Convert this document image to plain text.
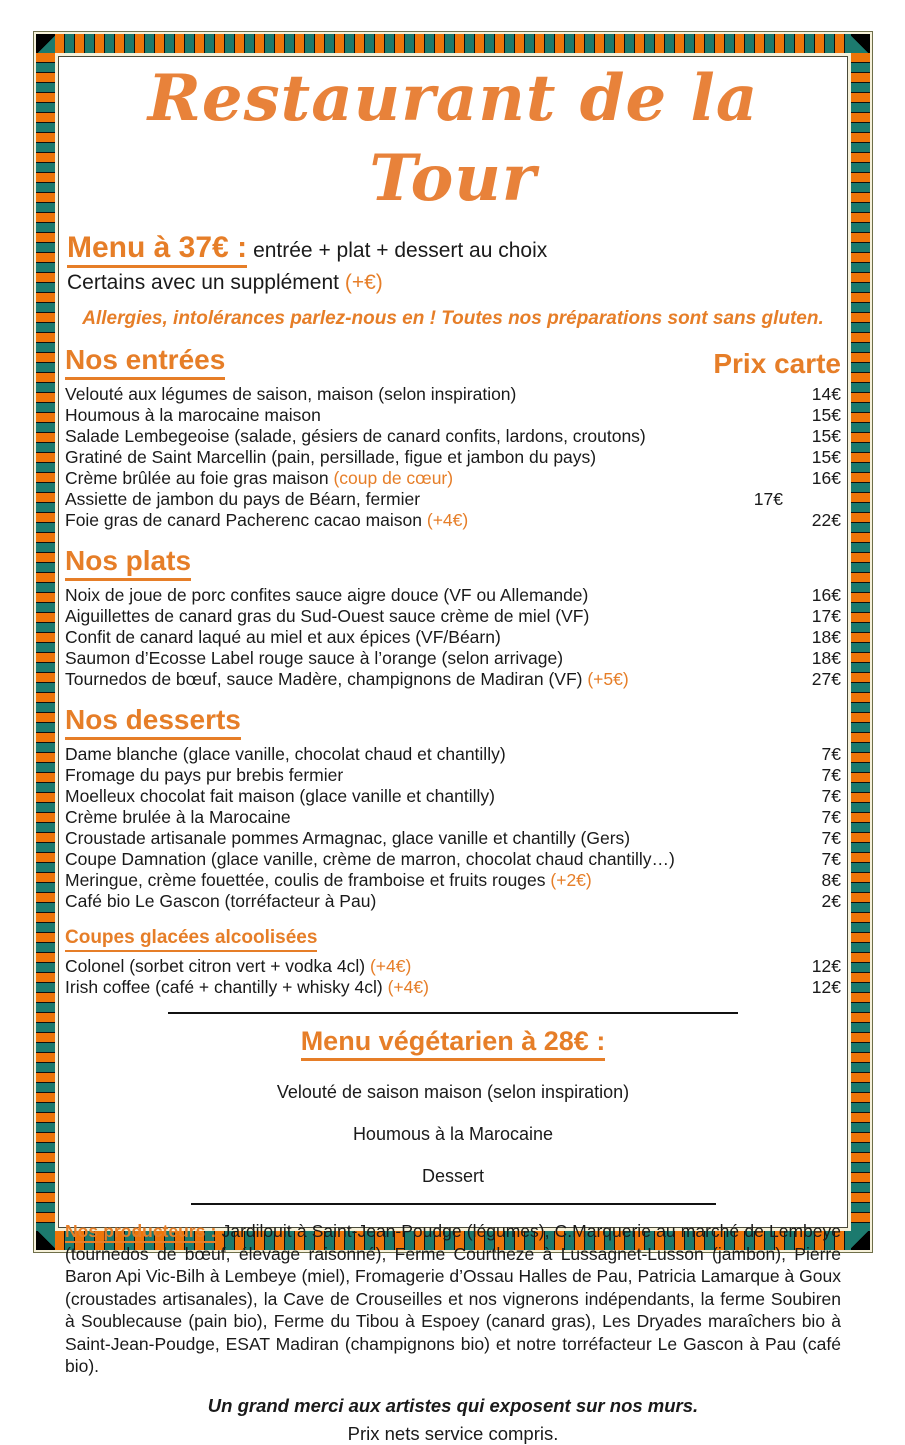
Restaurant de la Tour
Menu à 37€ : entrée + plat + dessert au choix
Certains avec un supplément (+€)
Allergies, intolérances parlez-nous en ! Toutes nos préparations sont sans gluten.
Nos entrées	Prix carte
Velouté aux légumes de saison, maison (selon inspiration)	14€
Houmous à la marocaine maison	15€
Salade Lembegeoise (salade, gésiers de canard confits, lardons, croutons)	15€
Gratiné de Saint Marcellin (pain, persillade, figue et jambon du pays)	15€
Crème brûlée au foie gras maison (coup de cœur)	16€
Assiette de jambon du pays de Béarn, fermier	17€
Foie gras de canard Pacherenc cacao maison (+4€)	22€
Nos plats
Noix de joue de porc confites sauce aigre douce (VF ou Allemande)	16€
Aiguillettes de canard gras du Sud-Ouest sauce crème de miel (VF)	17€
Confit de canard laqué au miel et aux épices (VF/Béarn)	18€
Saumon d’Ecosse Label rouge sauce à l’orange (selon arrivage)	18€
Tournedos de bœuf, sauce Madère, champignons de Madiran (VF) (+5€)	27€
Nos desserts
Dame blanche (glace vanille, chocolat chaud et chantilly)	7€
Fromage du pays pur brebis fermier	7€
Moelleux chocolat fait maison (glace vanille et chantilly)	7€
Crème brulée à la Marocaine	7€
Croustade artisanale pommes Armagnac, glace vanille et chantilly (Gers)	7€
Coupe Damnation (glace vanille, crème de marron, chocolat chaud chantilly…)	7€
Meringue, crème fouettée, coulis de framboise et fruits rouges (+2€)	8€
Café bio Le Gascon (torréfacteur à Pau)	2€
Coupes glacées alcoolisées
Colonel (sorbet citron vert + vodka 4cl) (+4€)	12€
Irish coffee (café + chantilly + whisky 4cl) (+4€)	12€
Menu végétarien à 28€ :
Velouté de saison maison (selon inspiration)
Houmous à la Marocaine
Dessert

Nos producteurs : Jardilouit à Saint-Jean-Poudge (légumes), C.Marquerie au marché de Lembeye (tournedos de bœuf, élevage raisonné), Ferme Courtheze à Lussagnet-Lusson (jambon), Pierre Baron Api Vic-Bilh à Lembeye (miel), Fromagerie d’Ossau Halles de Pau, Patricia Lamarque à Goux (croustades artisanales), la Cave de Crouseilles et nos vignerons indépendants, la ferme Soubiren à Soublecause (pain bio), Ferme du Tibou à Espoey (canard gras), Les Dryades maraîchers bio à Saint-Jean-Poudge, ESAT Madiran (champignons bio) et notre torréfacteur Le Gascon à Pau (café bio).

Un grand merci aux artistes qui exposent sur nos murs.
Prix nets service compris.
